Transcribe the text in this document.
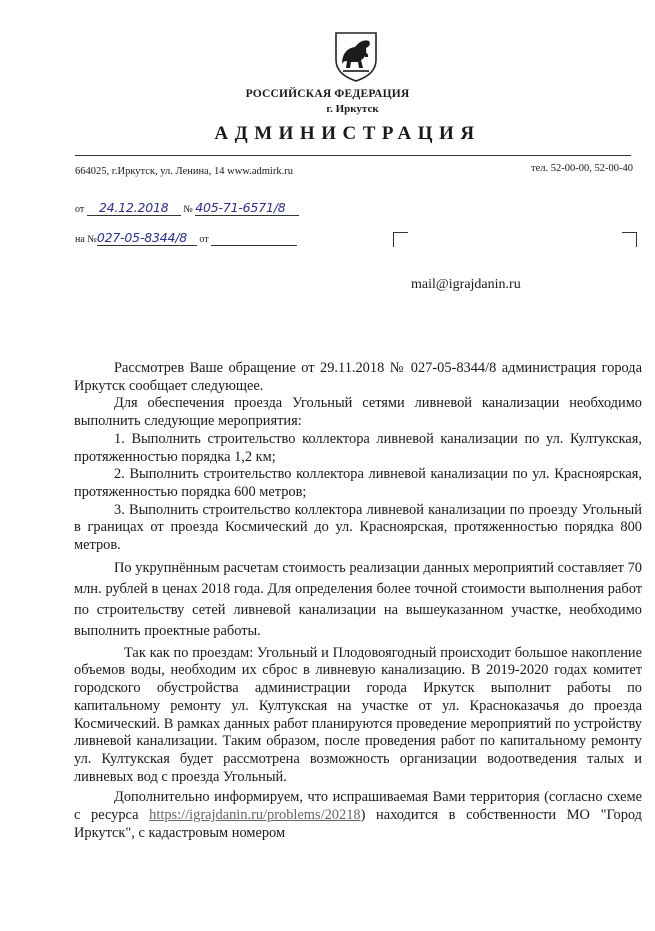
РОССИЙСКАЯ ФЕДЕРАЦИЯ
г. Иркутск
АДМИНИСТРАЦИЯ
664025, г.Иркутск, ул. Ленина, 14 www.admirk.ru	тел. 52-00-00, 52-00-40
от 24.12.2018 № 405-71-6571/8
на №027-05-8344/8 от
mail@igrajdanin.ru

Рассмотрев Ваше обращение от 29.11.2018 № 027-05-8344/8 администрация города Иркутск сообщает следующее.

Для обеспечения проезда Угольный сетями ливневой канализации необходимо выполнить следующие мероприятия:

1. Выполнить строительство коллектора ливневой канализации по ул. Култукская, протяженностью порядка 1,2 км;

2. Выполнить строительство коллектора ливневой канализации по ул. Красноярская, протяженностью порядка 600 метров;

3. Выполнить строительство коллектора ливневой канализации по проезду Угольный в границах от проезда Космический до ул. Красноярская, протяженностью порядка 800 метров.

По укрупнённым расчетам стоимость реализации данных мероприятий составляет 70 млн. рублей в ценах 2018 года. Для определения более точной стоимости выполнения работ по строительству сетей ливневой канализации на вышеуказанном участке, необходимо выполнить проектные работы.

Так как по проездам: Угольный и Плодовоягодный происходит большое накопление объемов воды, необходим их сброс в ливневую канализацию. В 2019-2020 годах комитет городского обустройства администрации города Иркутск выполнит работы по капитальному ремонту ул. Култукская на участке от ул. Красноказачья до проезда Космический. В рамках данных работ планируются проведение мероприятий по устройству ливневой канализации. Таким образом, после проведения работ по капитальному ремонту ул. Култукская будет рассмотрена возможность организации водоотведения талых и ливневых вод с проезда Угольный.

Дополнительно информируем, что испрашиваемая Вами территория (согласно схеме с ресурса https://igrajdanin.ru/problems/20218) находится в собственности МО "Город Иркутск", с кадастровым номером
